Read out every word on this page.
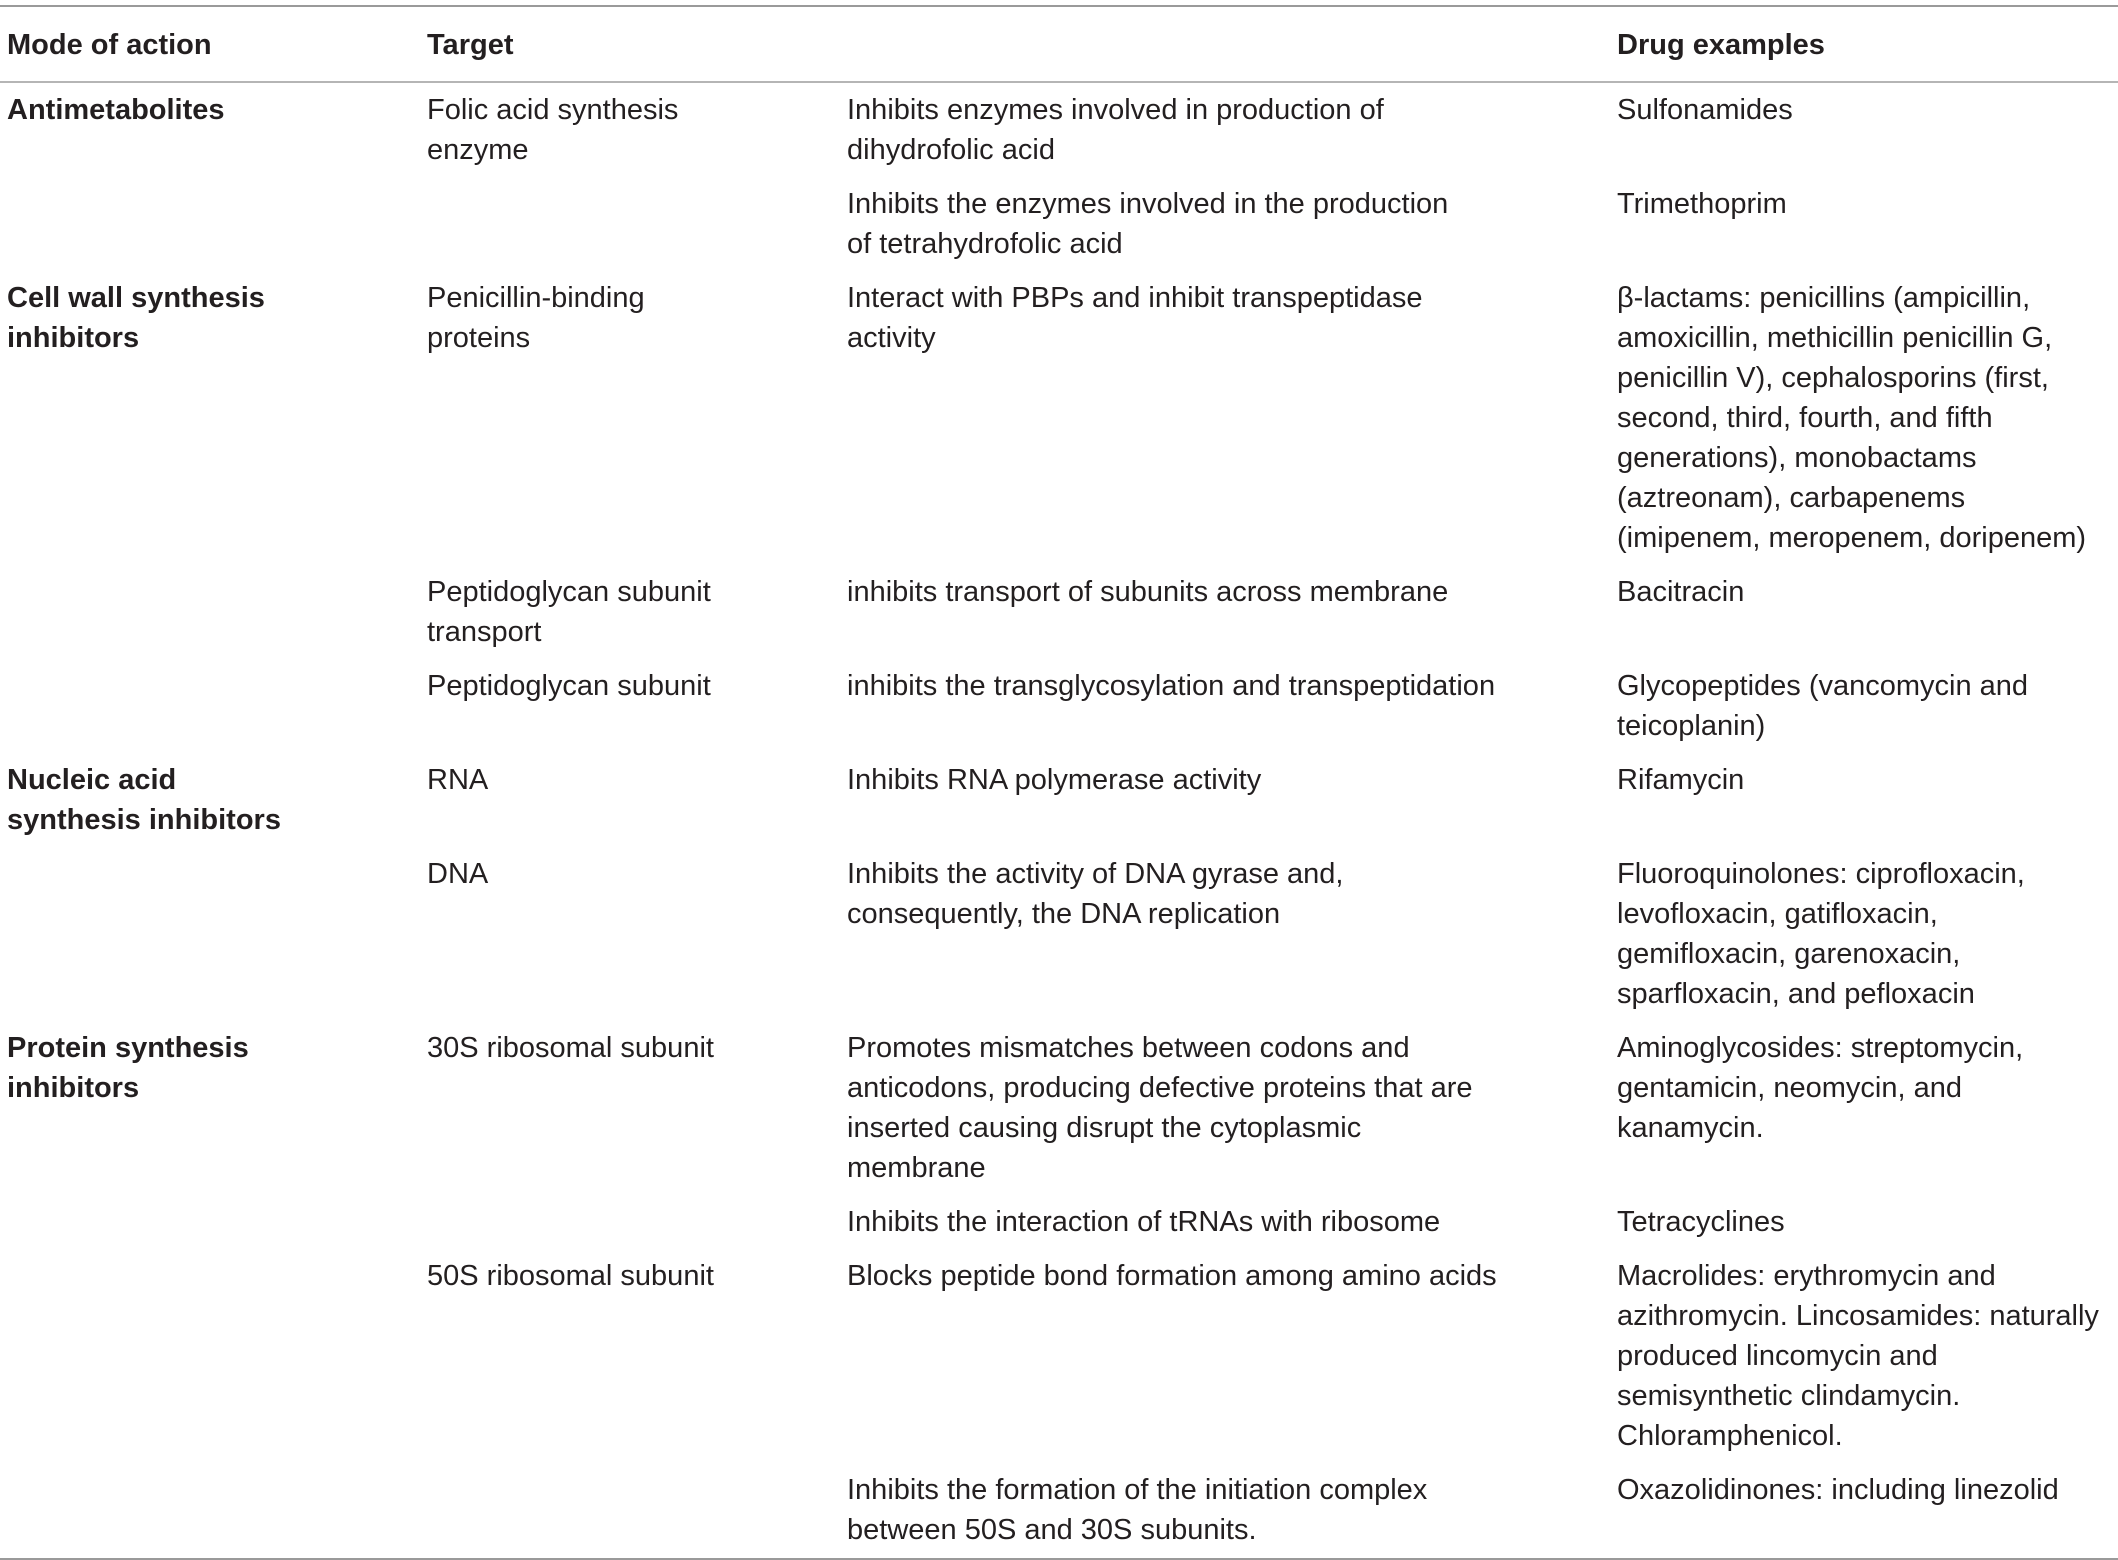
Mode of action	Target		Drug examples

Antimetabolites	Folic acid synthesis enzyme	Inhibits enzymes involved in production of dihydrofolic acid	Sulfonamides

		Inhibits the enzymes involved in the production of tetrahydrofolic acid	Trimethoprim

Cell wall synthesis inhibitors	Penicillin-binding proteins	Interact with PBPs and inhibit transpeptidase activity	β-lactams: penicillins (ampicillin, amoxicillin, methicillin penicillin G, penicillin V), cephalosporins (first, second, third, fourth, and fifth generations), monobactams (aztreonam), carbapenems (imipenem, meropenem, doripenem)

	Peptidoglycan subunit transport	inhibits transport of subunits across membrane	Bacitracin

	Peptidoglycan subunit	inhibits the transglycosylation and transpeptidation	Glycopeptides (vancomycin and teicoplanin)

Nucleic acid synthesis inhibitors	RNA	Inhibits RNA polymerase activity	Rifamycin

	DNA	Inhibits the activity of DNA gyrase and, consequently, the DNA replication	Fluoroquinolones: ciprofloxacin, levofloxacin, gatifloxacin, gemifloxacin, garenoxacin, sparfloxacin, and pefloxacin

Protein synthesis inhibitors	30S ribosomal subunit	Promotes mismatches between codons and anticodons, producing defective proteins that are inserted causing disrupt the cytoplasmic membrane	Aminoglycosides: streptomycin, gentamicin, neomycin, and kanamycin.

		Inhibits the interaction of tRNAs with ribosome	Tetracyclines

	50S ribosomal subunit	Blocks peptide bond formation among amino acids	Macrolides: erythromycin and azithromycin. Lincosamides: naturally produced lincomycin and semisynthetic clindamycin. Chloramphenicol.

		Inhibits the formation of the initiation complex between 50S and 30S subunits.	Oxazolidinones: including linezolid
